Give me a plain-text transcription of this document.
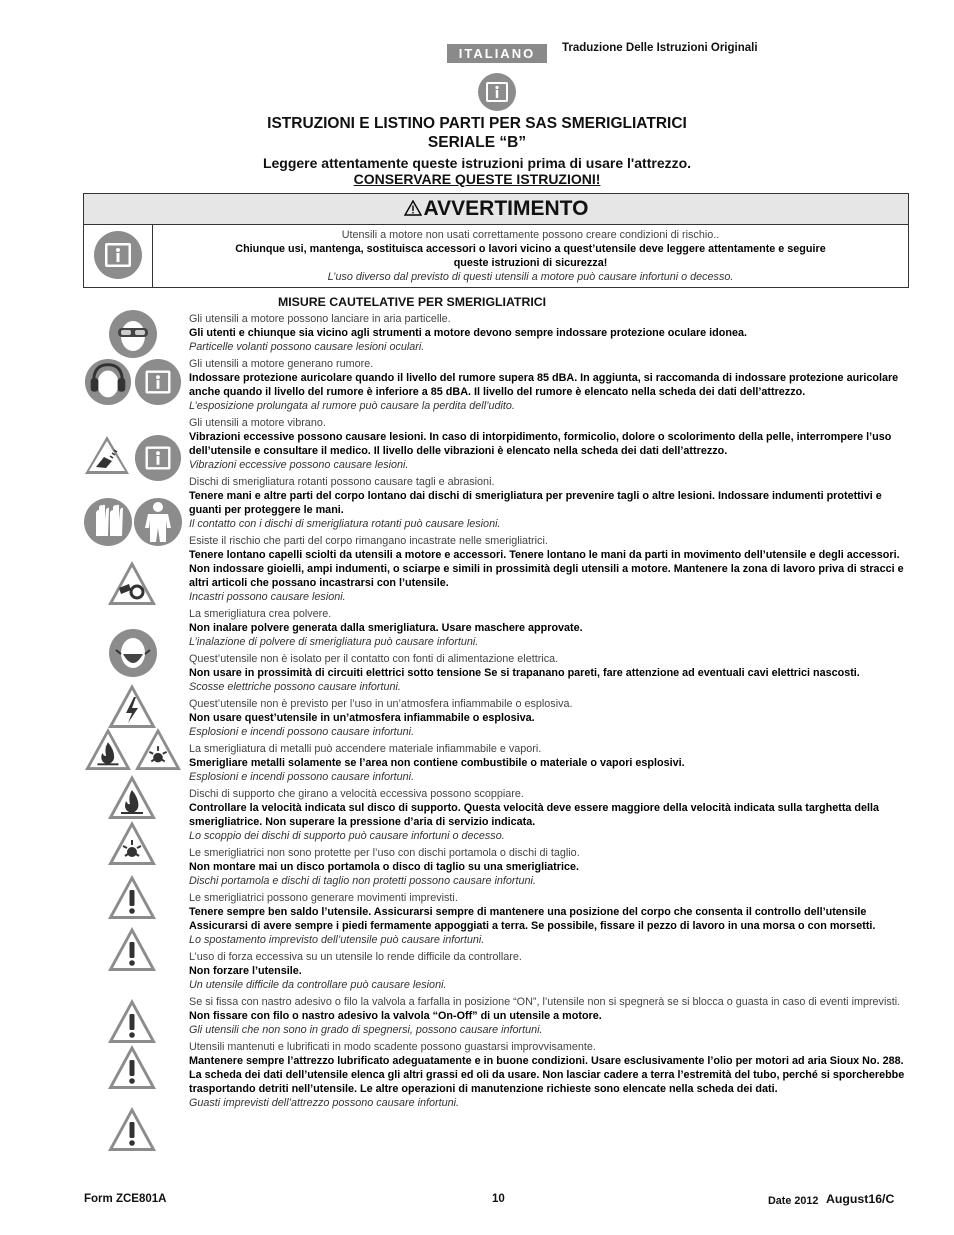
ITALIANO	Traduzione Delle Istruzioni Originali
ISTRUZIONI E LISTINO PARTI PER SAS SMERIGLIATRICI
SERIALE “B”
Leggere attentamente queste istruzioni prima di usare l'attrezzo.
CONSERVARE QUESTE ISTRUZIONI!
AVVERTIMENTO
Utensili a motore non usati correttamente possono creare condizioni di rischio..
Chiunque usi, mantenga, sostituisca accessori o lavori vicino a quest’utensile deve leggere attentamente e seguire
queste istruzioni di sicurezza!
L’uso diverso dal previsto di questi utensili a motore può causare infortuni o decesso.
MISURE CAUTELATIVE PER SMERIGLIATRICI
Gli utensili a motore possono lanciare in aria particelle.
Gli utenti e chiunque sia vicino agli strumenti a motore devono sempre indossare protezione oculare idonea.
Particelle volanti possono causare lesioni oculari.
Gli utensili a motore generano rumore.
Indossare protezione auricolare quando il livello del rumore supera 85 dBA. In aggiunta, si raccomanda di indossare protezione auricolare anche quando il livello del rumore è inferiore a 85 dBA. Il livello del rumore è elencato nella scheda dei dati dell’attrezzo.
L’esposizione prolungata al rumore può causare la perdita dell’udito.
Gli utensili a motore vibrano.
Vibrazioni eccessive possono causare lesioni. In caso di intorpidimento, formicolio, dolore o scolorimento della pelle, interrompere l’uso dell’utensile e consultare il medico. Il livello delle vibrazioni è elencato nella scheda dei dati dell’attrezzo.
Vibrazioni eccessive possono causare lesioni.
Dischi di smerigliatura rotanti possono causare tagli e abrasioni.
Tenere mani e altre parti del corpo lontano dai dischi di smerigliatura per prevenire tagli o altre lesioni. Indossare indumenti protettivi e guanti per proteggere le mani.
Il contatto con i dischi di smerigliatura rotanti può causare lesioni.
Esiste il rischio che parti del corpo rimangano incastrate nelle smerigliatrici.
Tenere lontano capelli sciolti da utensili a motore e accessori. Tenere lontano le mani da parti in movimento dell’utensile e degli accessori. Non indossare gioielli, ampi indumenti, o sciarpe e simili in prossimità degli utensili a motore. Mantenere la zona di lavoro priva di stracci e altri articoli che possano incastrarsi con l’utensile.
Incastri possono causare lesioni.
La smerigliatura crea polvere.
Non inalare polvere generata dalla smerigliatura. Usare maschere approvate.
L’inalazione di polvere di smerigliatura può causare infortuni.
Quest’utensile non è isolato per il contatto con fonti di alimentazione elettrica.
Non usare in prossimità di circuiti elettrici sotto tensione Se si trapanano pareti, fare attenzione ad eventuali cavi elettrici nascosti.
Scosse elettriche possono causare infortuni.
Quest’utensile non è previsto per l’uso in un’atmosfera infiammabile o esplosiva.
Non usare quest’utensile in un’atmosfera infiammabile o esplosiva.
Esplosioni e incendi possono causare infortuni.
La smerigliatura di metalli può accendere materiale infiammabile e vapori.
Smerigliare metalli solamente se l’area non contiene combustibile o materiale o vapori esplosivi.
Esplosioni e incendi possono causare infortuni.
Dischi di supporto che girano a velocità eccessiva possono scoppiare.
Controllare la velocità indicata sul disco di supporto. Questa velocità deve essere maggiore della velocità indicata sulla targhetta della smerigliatrice. Non superare la pressione d’aria di servizio indicata.
Lo scoppio dei dischi di supporto può causare infortuni o decesso.
Le smerigliatrici non sono protette per l’uso con dischi portamola o dischi di taglio.
Non montare mai un disco portamola o disco di taglio su una smerigliatrice.
Dischi portamola e dischi di taglio non protetti possono causare infortuni.
Le smerigliatrici possono generare movimenti imprevisti.
Tenere sempre ben saldo l’utensile. Assicurarsi sempre di mantenere una posizione del corpo che consenta il controllo dell’utensile Assicurarsi di avere sempre i piedi fermamente appoggiati a terra. Se possibile, fissare il pezzo di lavoro in una morsa o con morsetti.
Lo spostamento imprevisto dell’utensile può causare infortuni.
L’uso di forza eccessiva su un utensile lo rende difficile da controllare.
Non forzare l’utensile.
Un utensile difficile da controllare può causare lesioni.
Se si fissa con nastro adesivo o filo la valvola a farfalla in posizione “ON”, l’utensile non si spegnerà se si blocca o guasta in caso di eventi imprevisti.
Non fissare con filo o nastro adesivo la valvola “On-Off” di un utensile a motore.
Gli utensili che non sono in grado di spegnersi, possono causare infortuni.
Utensili mantenuti e lubrificati in modo scadente possono guastarsi improvvisamente.
Mantenere sempre l’attrezzo lubrificato adeguatamente e in buone condizioni. Usare esclusivamente l’olio per motori ad aria Sioux No. 288. La scheda dei dati dell’utensile elenca gli altri grassi ed oli da usare. Non lasciar cadere a terra l’estremità del tubo, perché si sporcherebbe trasportando detriti nell’utensile. Le altre operazioni di manutenzione richieste sono elencate nella scheda dei dati.
Guasti imprevisti dell’attrezzo possono causare infortuni.
Form ZCE801A	10	Date 2012 August16/C
